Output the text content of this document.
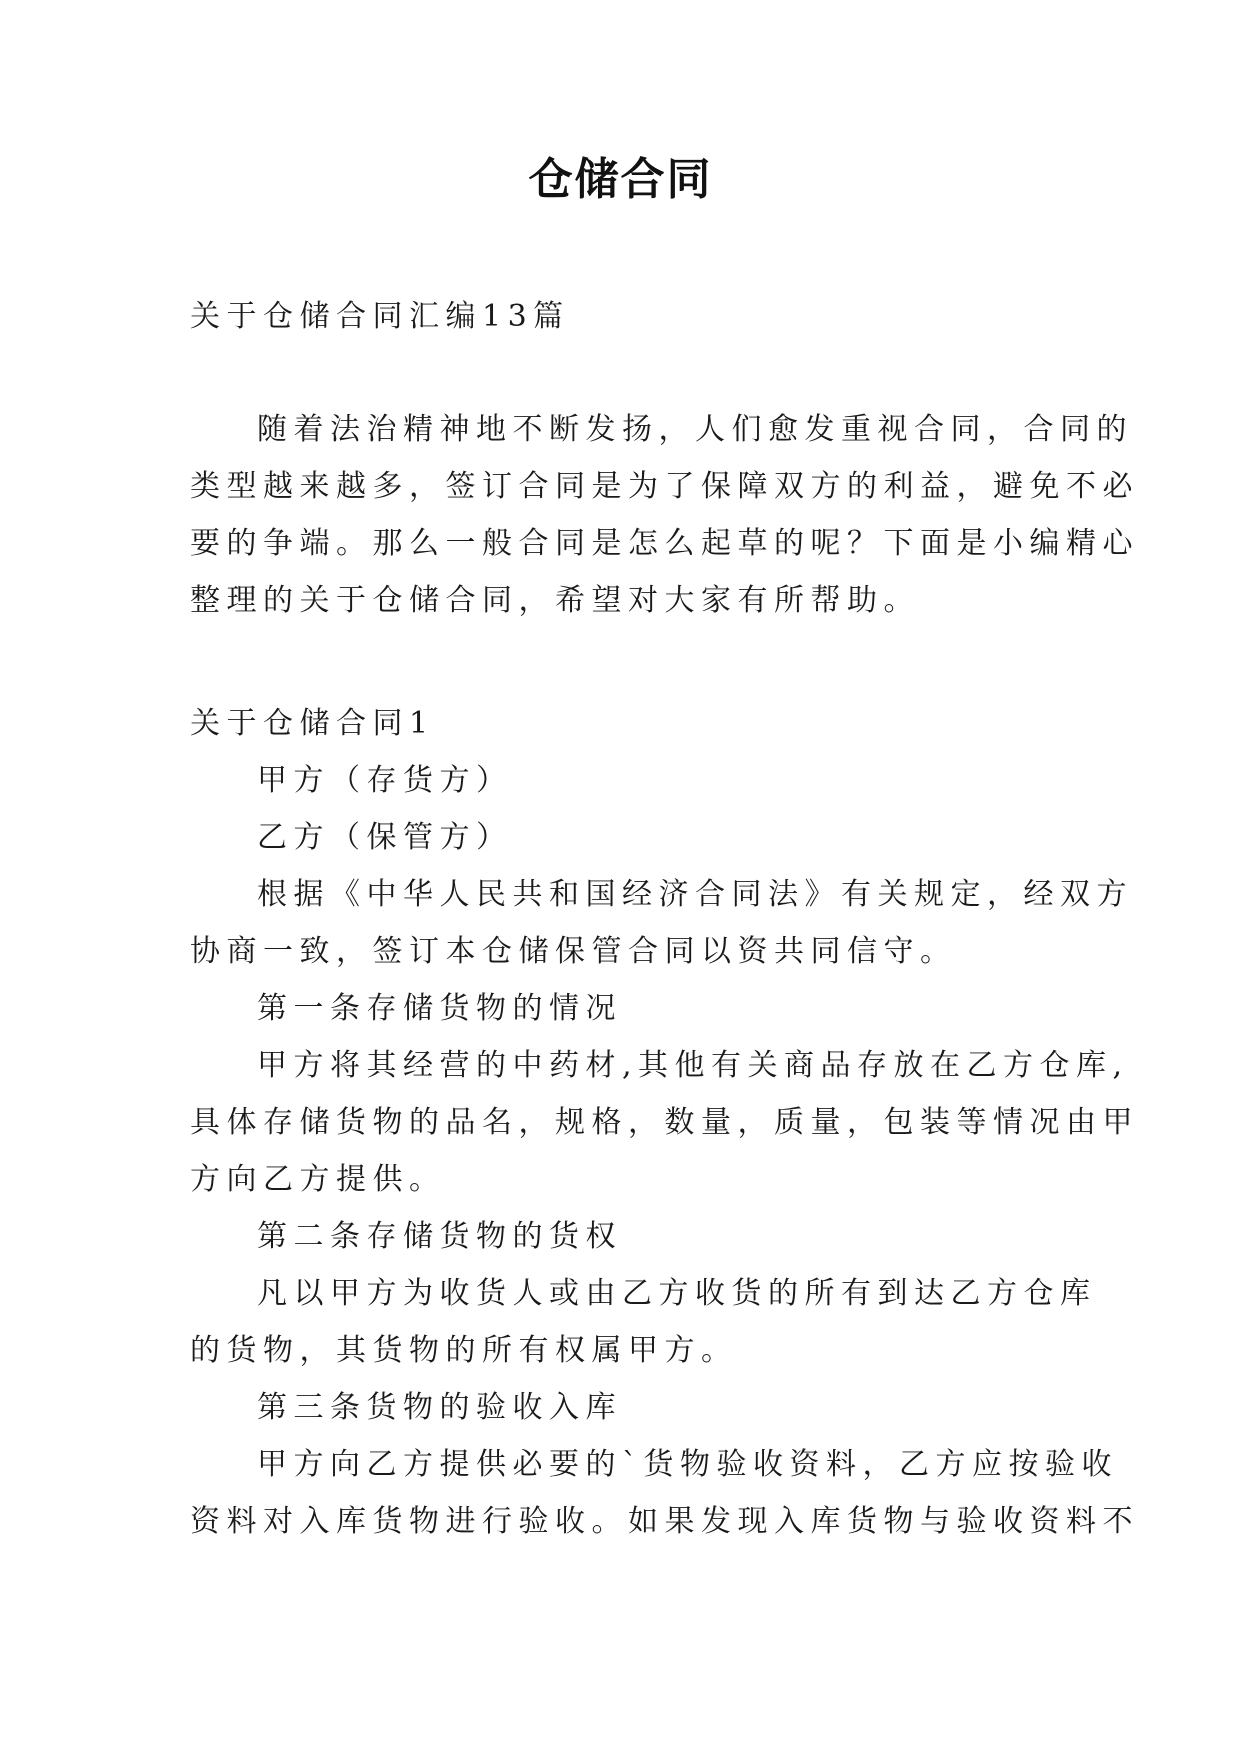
仓储合同
关于仓储合同汇编13篇
随着法治精神地不断发扬，人们愈发重视合同，合同的
类型越来越多，签订合同是为了保障双方的利益，避免不必
要的争端。那么一般合同是怎么起草的呢？下面是小编精心
整理的关于仓储合同，希望对大家有所帮助。
关于仓储合同1
甲方（存货方）
乙方（保管方）
根据《中华人民共和国经济合同法》有关规定，经双方
协商一致，签订本仓储保管合同以资共同信守。
第一条存储货物的情况
甲方将其经营的中药材,其他有关商品存放在乙方仓库,
具体存储货物的品名，规格，数量，质量，包装等情况由甲
方向乙方提供。
第二条存储货物的货权
凡以甲方为收货人或由乙方收货的所有到达乙方仓库
的货物，其货物的所有权属甲方。
第三条货物的验收入库
甲方向乙方提供必要的`货物验收资料，乙方应按验收
资料对入库货物进行验收。如果发现入库货物与验收资料不
